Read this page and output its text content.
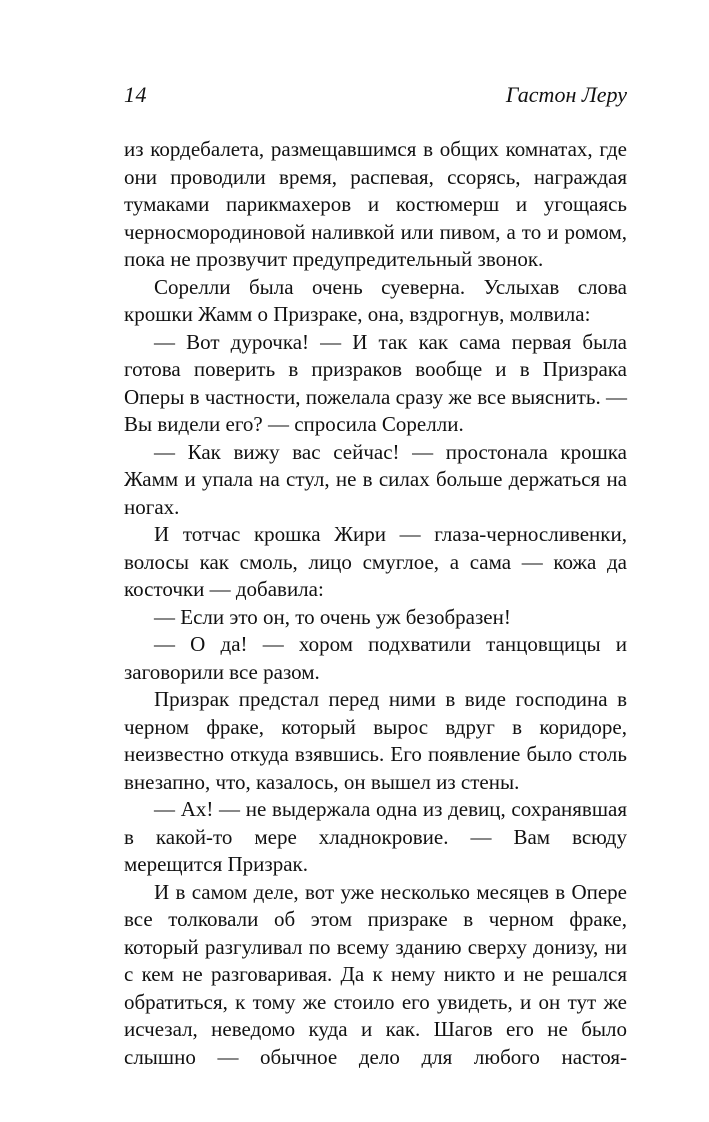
14	Гастон Леру

из кордебалета, размещавшимся в общих комнатах, где они проводили время, распевая, ссорясь, награждая тумаками парикмахеров и костюмерш и угощаясь черносмородиновой наливкой или пивом, а то и ромом, пока не прозвучит предупредительный звонок.

Сорелли была очень суеверна. Услыхав слова крошки Жамм о Призраке, она, вздрогнув, молвила:

— Вот дурочка! — И так как сама первая была готова поверить в призраков вообще и в Призрака Оперы в частности, пожелала сразу же все выяснить. — Вы видели его? — спросила Сорелли.

— Как вижу вас сейчас! — простонала крошка Жамм и упала на стул, не в силах больше держаться на ногах.

И тотчас крошка Жири — глаза-черносливенки, волосы как смоль, лицо смуглое, а сама — кожа да косточки — добавила:

— Если это он, то очень уж безобразен!

— О да! — хором подхватили танцовщицы и заговорили все разом.

Призрак предстал перед ними в виде господина в черном фраке, который вырос вдруг в коридоре, неизвестно откуда взявшись. Его появление было столь внезапно, что, казалось, он вышел из стены.

— Ах! — не выдержала одна из девиц, сохранявшая в какой-то мере хладнокровие. — Вам всюду мерещится Призрак.

И в самом деле, вот уже несколько месяцев в Опере все толковали об этом призраке в черном фраке, который разгуливал по всему зданию сверху донизу, ни с кем не разговаривая. Да к нему никто и не решался обратиться, к тому же стоило его увидеть, и он тут же исчезал, неведомо куда и как. Шагов его не было слышно — обычное дело для любого настоя-
